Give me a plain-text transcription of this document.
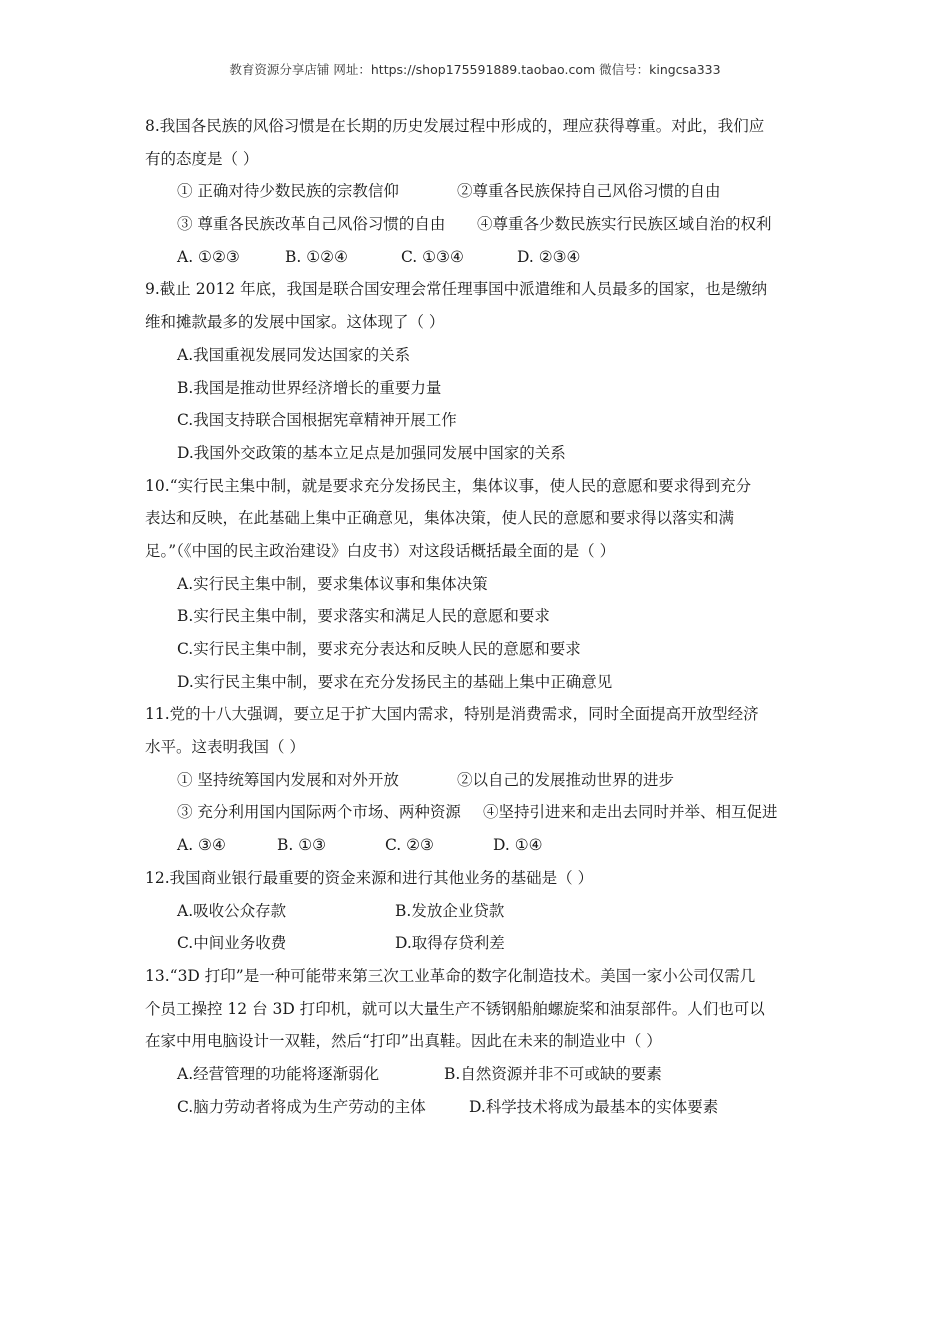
教育资源分享店铺 网址：https://shop175591889.taobao.com 微信号：kingcsa333
8.我国各民族的风俗习惯是在长期的历史发展过程中形成的，理应获得尊重。对此，我们应
有的态度是（ ）
① 正确对待少数民族的宗教信仰	②尊重各民族保持自己风俗习惯的自由
③ 尊重各民族改革自己风俗习惯的自由	④尊重各少数民族实行民族区域自治的权利
A. ①②③	B. ①②④	C. ①③④	D. ②③④
9.截止 2012 年底，我国是联合国安理会常任理事国中派遣维和人员最多的国家，也是缴纳
维和摊款最多的发展中国家。这体现了（ ）
A.我国重视发展同发达国家的关系
B.我国是推动世界经济增长的重要力量
C.我国支持联合国根据宪章精神开展工作
D.我国外交政策的基本立足点是加强同发展中国家的关系
10.“实行民主集中制，就是要求充分发扬民主，集体议事，使人民的意愿和要求得到充分
表达和反映，在此基础上集中正确意见，集体决策，使人民的意愿和要求得以落实和满
足。”（《中国的民主政治建设》白皮书）对这段话概括最全面的是（ ）
A.实行民主集中制，要求集体议事和集体决策
B.实行民主集中制，要求落实和满足人民的意愿和要求
C.实行民主集中制，要求充分表达和反映人民的意愿和要求
D.实行民主集中制，要求在充分发扬民主的基础上集中正确意见
11.党的十八大强调，要立足于扩大国内需求，特别是消费需求，同时全面提高开放型经济
水平。这表明我国（ ）
① 坚持统筹国内发展和对外开放	②以自己的发展推动世界的进步
③ 充分利用国内国际两个市场、两种资源	④坚持引进来和走出去同时并举、相互促进
A. ③④	B. ①③	C. ②③	D. ①④
12.我国商业银行最重要的资金来源和进行其他业务的基础是（ ）
A.吸收公众存款	B.发放企业贷款
C.中间业务收费	D.取得存贷利差
13.“3D 打印”是一种可能带来第三次工业革命的数字化制造技术。美国一家小公司仅需几
个员工操控 12 台 3D 打印机，就可以大量生产不锈钢船舶螺旋桨和油泵部件。人们也可以
在家中用电脑设计一双鞋，然后“打印”出真鞋。因此在未来的制造业中（ ）
A.经营管理的功能将逐渐弱化	B.自然资源并非不可或缺的要素
C.脑力劳动者将成为生产劳动的主体	D.科学技术将成为最基本的实体要素
